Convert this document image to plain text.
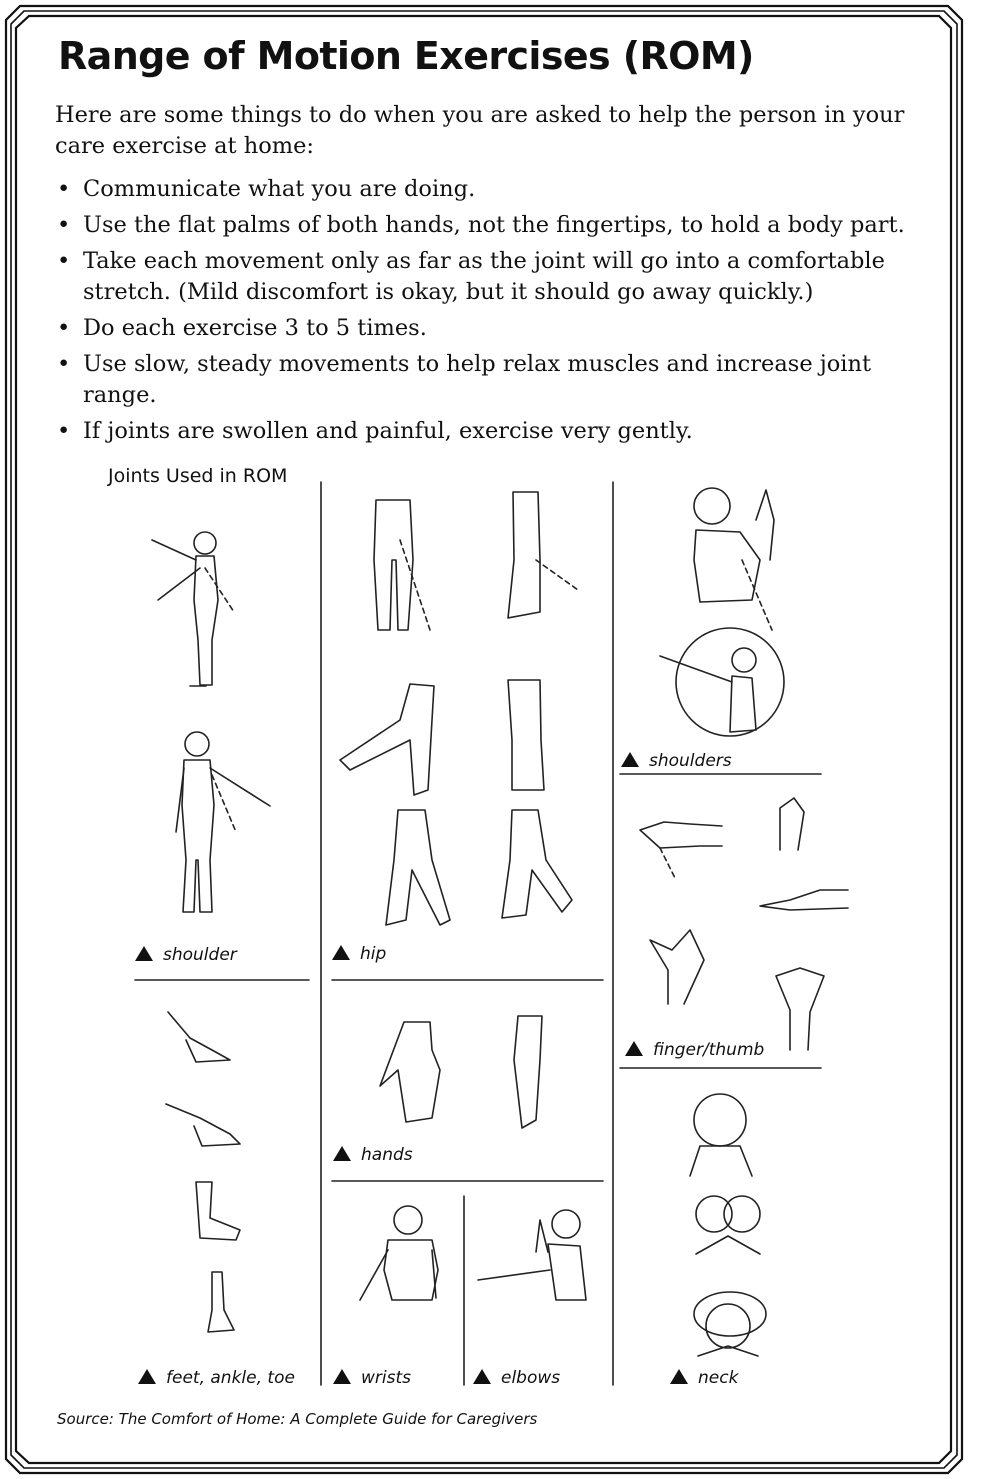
Range of Motion Exercises (ROM)
Here are some things to do when you are asked to help the person in your care exercise at home:
• Communicate what you are doing.
• Use the flat palms of both hands, not the fingertips, to hold a body part.
• Take each movement only as far as the joint will go into a comfortable stretch. (Mild discomfort is okay, but it should go away quickly.)
• Do each exercise 3 to 5 times.
• Use slow, steady movements to help relax muscles and increase joint range.
• If joints are swollen and painful, exercise very gently.
Joints Used in ROM
shoulder	hip
shoulders
finger/thumb
hands
feet, ankle, toe	wrists	elbows	neck
Source: The Comfort of Home: A Complete Guide for Caregivers
